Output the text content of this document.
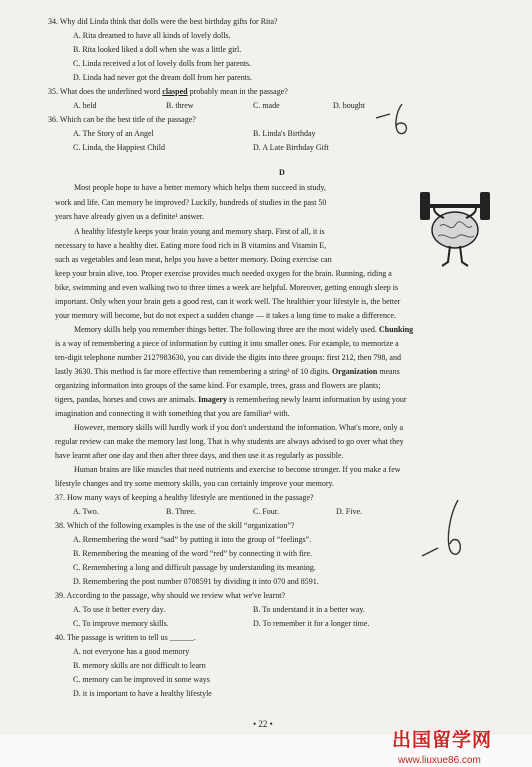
34. Why did Linda think that dolls were the best birthday gifts for Rita?
A. Rita dreamed to have all kinds of lovely dolls.
B. Rita looked liked a doll when she was a little girl.
C. Linda received a lot of lovely dolls from her parents.
D. Linda had never got the dream doll from her parents.
35. What does the underlined word clasped probably mean in the passage?
A. held	B. threw	C. made	D. bought
36. Which can be the best title of the passage?
A. The Story of an Angel	B. Linda's Birthday
C. Linda, the Happiest Child	D. A Late Birthday Gift
D
Most people hope to have a better memory which helps them succeed in study,
work and life. Can memory be improved? Luckily, hundreds of studies in the past 50
years have already given us a definite¹ answer.
A healthy lifestyle keeps your brain young and memory sharp. First of all, it is
necessary to have a healthy diet. Eating more food rich in B vitamins and Vitamin E,
such as vegetables and lean meat, helps you have a better memory. Doing exercise can
keep your brain alive, too. Proper exercise provides much needed oxygen for the brain. Running, riding a
bike, swimming and even walking two to three times a week are helpful. Moreover, getting enough sleep is
important. Only when your brain gets a good rest, can it work well. The healthier your lifestyle is, the better
your memory will become, but do not expect a sudden change — it takes a long time to make a difference.
Memory skills help you remember things better. The following three are the most widely used. Chunking
is a way of remembering a piece of information by cutting it into smaller ones. For example, to memorize a
ten-digit telephone number 2127983630, you can divide the digits into three groups: first 212, then 798, and
lastly 3630. This method is far more effective than remembering a string² of 10 digits. Organization means
organizing information into groups of the same kind. For example, trees, grass and flowers are plants;
tigers, pandas, horses and cows are animals. Imagery is remembering newly learnt information by using your
imagination and connecting it with something that you are familiar³ with.
However, memory skills will hardly work if you don't understand the information. What's more, only a
regular review can make the memory last long. That is why students are always advised to go over what they
have learnt after one day and then after three days, and then use it as regularly as possible.
Human brains are like muscles that need nutrients and exercise to become stronger. If you make a few
lifestyle changes and try some memory skills, you can certainly improve your memory.
37. How many ways of keeping a healthy lifestyle are mentioned in the passage?
A. Two.	B. Three.	C. Four.	D. Five.
38. Which of the following examples is the use of the skill “organization”?
A. Remembering the word “sad” by putting it into the group of “feelings”.
B. Remembering the meaning of the word “red” by connecting it with fire.
C. Remembering a long and difficult passage by understanding its meaning.
D. Remembering the post number 0708591 by dividing it into 070 and 8591.
39. According to the passage, why should we review what we've learnt?
A. To use it better every day.	B. To understand it in a better way.
C. To improve memory skills.	D. To remember it for a longer time.
40. The passage is written to tell us ______.
A. not everyone has a good memory
B. memory skills are not difficult to learn
C. memory can be improved in some ways
D. it is important to have a healthy lifestyle
• 22 •
出国留学网
www.liuxue86.com
